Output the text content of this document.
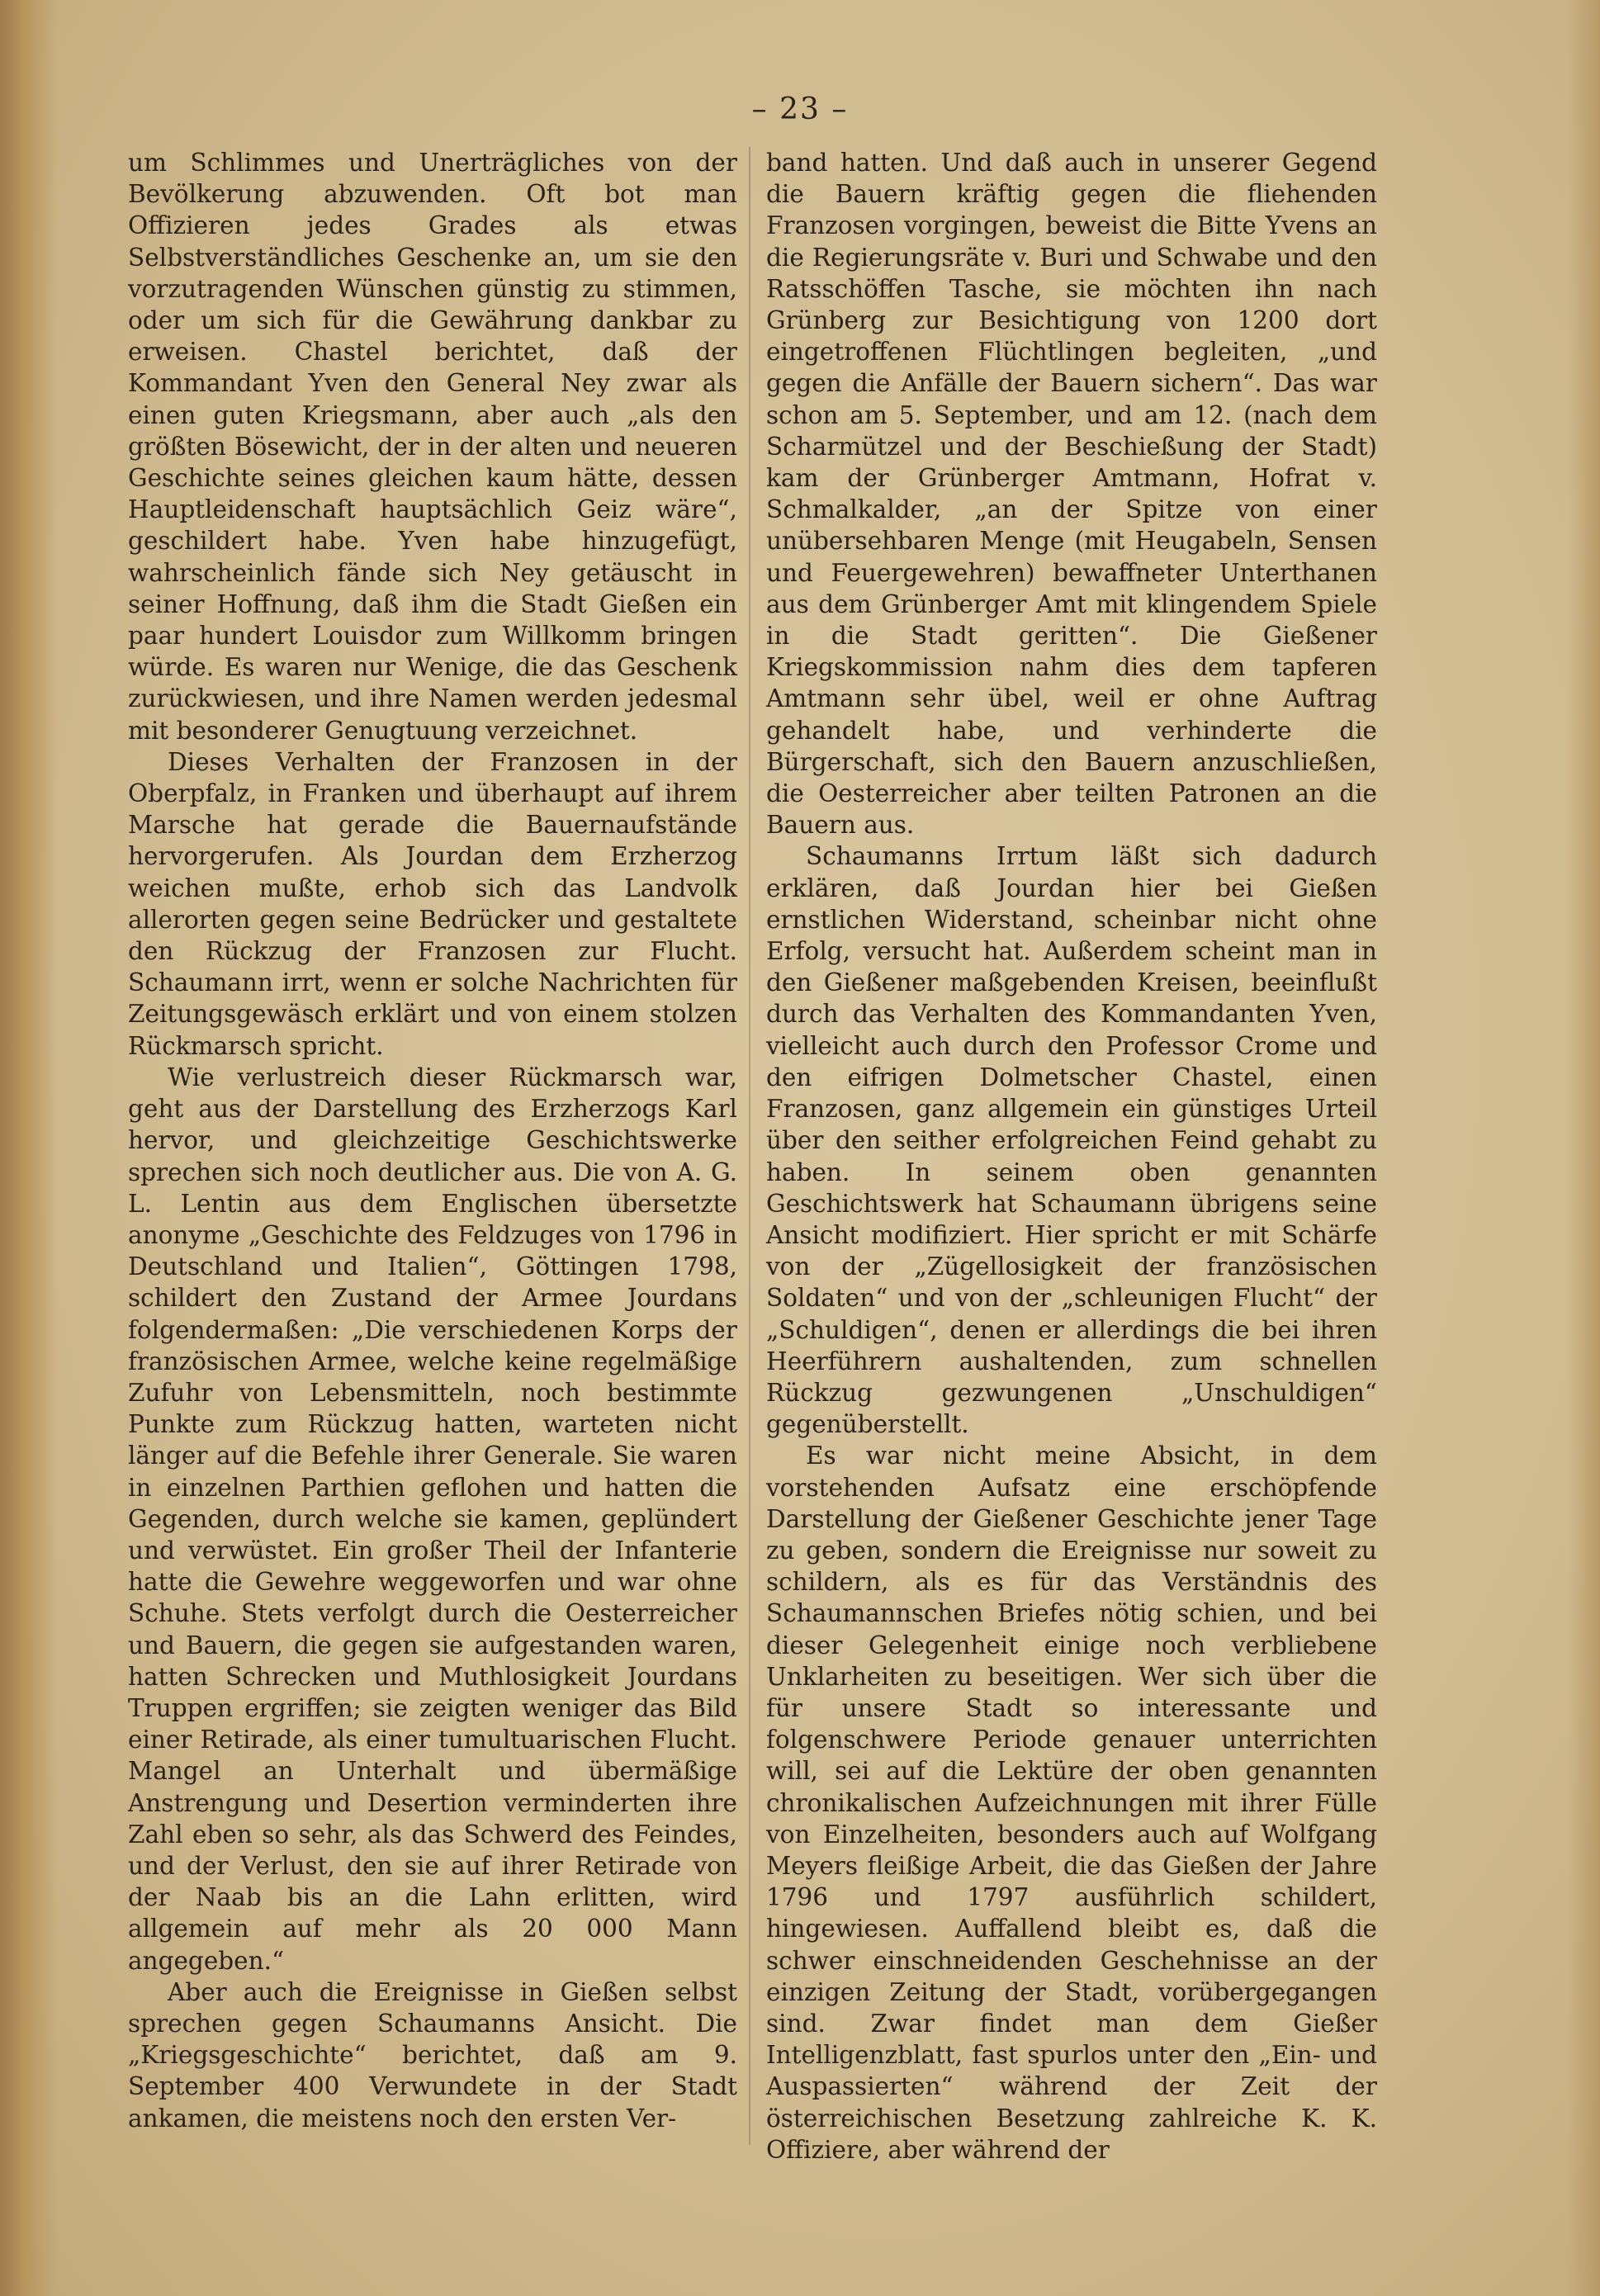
– 23 –

um Schlimmes und Unerträgliches von der Bevölkerung abzuwenden. Oft bot man Offizieren jedes Grades als etwas Selbstverständliches Geschenke an, um sie den vorzutragenden Wünschen günstig zu stimmen, oder um sich für die Gewährung dankbar zu erweisen. Chastel berichtet, daß der Kommandant Yven den General Ney zwar als einen guten Kriegsmann, aber auch „als den größten Bösewicht, der in der alten und neueren Geschichte seines gleichen kaum hätte, dessen Hauptleidenschaft hauptsächlich Geiz wäre“, geschildert habe. Yven habe hinzugefügt, wahrscheinlich fände sich Ney getäuscht in seiner Hoffnung, daß ihm die Stadt Gießen ein paar hundert Louisdor zum Willkomm bringen würde. Es waren nur Wenige, die das Geschenk zurückwiesen, und ihre Namen werden jedesmal mit besonderer Genugtuung verzeichnet.

Dieses Verhalten der Franzosen in der Oberpfalz, in Franken und überhaupt auf ihrem Marsche hat gerade die Bauernaufstände hervorgerufen. Als Jourdan dem Erzherzog weichen mußte, erhob sich das Landvolk allerorten gegen seine Bedrücker und gestaltete den Rückzug der Franzosen zur Flucht. Schaumann irrt, wenn er solche Nachrichten für Zeitungsgewäsch erklärt und von einem stolzen Rückmarsch spricht.

Wie verlustreich dieser Rückmarsch war, geht aus der Darstellung des Erzherzogs Karl hervor, und gleichzeitige Geschichtswerke sprechen sich noch deutlicher aus. Die von A. G. L. Lentin aus dem Englischen übersetzte anonyme „Geschichte des Feldzuges von 1796 in Deutschland und Italien“, Göttingen 1798, schildert den Zustand der Armee Jourdans folgendermaßen: „Die verschiedenen Korps der französischen Armee, welche keine regelmäßige Zufuhr von Lebensmitteln, noch bestimmte Punkte zum Rückzug hatten, warteten nicht länger auf die Befehle ihrer Generale. Sie waren in einzelnen Parthien geflohen und hatten die Gegenden, durch welche sie kamen, geplündert und verwüstet. Ein großer Theil der Infanterie hatte die Gewehre weggeworfen und war ohne Schuhe. Stets verfolgt durch die Oesterreicher und Bauern, die gegen sie aufgestanden waren, hatten Schrecken und Muthlosigkeit Jourdans Truppen ergriffen; sie zeigten weniger das Bild einer Retirade, als einer tumultuarischen Flucht. Mangel an Unterhalt und übermäßige Anstrengung und Desertion verminderten ihre Zahl eben so sehr, als das Schwerd des Feindes, und der Verlust, den sie auf ihrer Retirade von der Naab bis an die Lahn erlitten, wird allgemein auf mehr als 20 000 Mann angegeben.“

Aber auch die Ereignisse in Gießen selbst sprechen gegen Schaumanns Ansicht. Die „Kriegsgeschichte“ berichtet, daß am 9. September 400 Verwundete in der Stadt ankamen, die meistens noch den ersten Ver-

band hatten. Und daß auch in unserer Gegend die Bauern kräftig gegen die fliehenden Franzosen vorgingen, beweist die Bitte Yvens an die Regierungsräte v. Buri und Schwabe und den Ratsschöffen Tasche, sie möchten ihn nach Grünberg zur Besichtigung von 1200 dort eingetroffenen Flüchtlingen begleiten, „und gegen die Anfälle der Bauern sichern“. Das war schon am 5. September, und am 12. (nach dem Scharmützel und der Beschießung der Stadt) kam der Grünberger Amtmann, Hofrat v. Schmalkalder, „an der Spitze von einer unübersehbaren Menge (mit Heugabeln, Sensen und Feuergewehren) bewaffneter Unterthanen aus dem Grünberger Amt mit klingendem Spiele in die Stadt geritten“. Die Gießener Kriegskommission nahm dies dem tapferen Amtmann sehr übel, weil er ohne Auftrag gehandelt habe, und verhinderte die Bürgerschaft, sich den Bauern anzuschließen, die Oesterreicher aber teilten Patronen an die Bauern aus.

Schaumanns Irrtum läßt sich dadurch erklären, daß Jourdan hier bei Gießen ernstlichen Widerstand, scheinbar nicht ohne Erfolg, versucht hat. Außerdem scheint man in den Gießener maßgebenden Kreisen, beeinflußt durch das Verhalten des Kommandanten Yven, vielleicht auch durch den Professor Crome und den eifrigen Dolmetscher Chastel, einen Franzosen, ganz allgemein ein günstiges Urteil über den seither erfolgreichen Feind gehabt zu haben. In seinem oben genannten Geschichtswerk hat Schaumann übrigens seine Ansicht modifiziert. Hier spricht er mit Schärfe von der „Zügellosigkeit der französischen Soldaten“ und von der „schleunigen Flucht“ der „Schuldigen“, denen er allerdings die bei ihren Heerführern aushaltenden, zum schnellen Rückzug gezwungenen „Unschuldigen“ gegenüberstellt.

Es war nicht meine Absicht, in dem vorstehenden Aufsatz eine erschöpfende Darstellung der Gießener Geschichte jener Tage zu geben, sondern die Ereignisse nur soweit zu schildern, als es für das Verständnis des Schaumannschen Briefes nötig schien, und bei dieser Gelegenheit einige noch verbliebene Unklarheiten zu beseitigen. Wer sich über die für unsere Stadt so interessante und folgenschwere Periode genauer unterrichten will, sei auf die Lektüre der oben genannten chronikalischen Aufzeichnungen mit ihrer Fülle von Einzelheiten, besonders auch auf Wolfgang Meyers fleißige Arbeit, die das Gießen der Jahre 1796 und 1797 ausführlich schildert, hingewiesen. Auffallend bleibt es, daß die schwer einschneidenden Geschehnisse an der einzigen Zeitung der Stadt, vorübergegangen sind. Zwar findet man dem Gießer Intelligenzblatt, fast spurlos unter den „Ein- und Auspassierten“ während der Zeit der österreichischen Besetzung zahlreiche K. K. Offiziere, aber während der
